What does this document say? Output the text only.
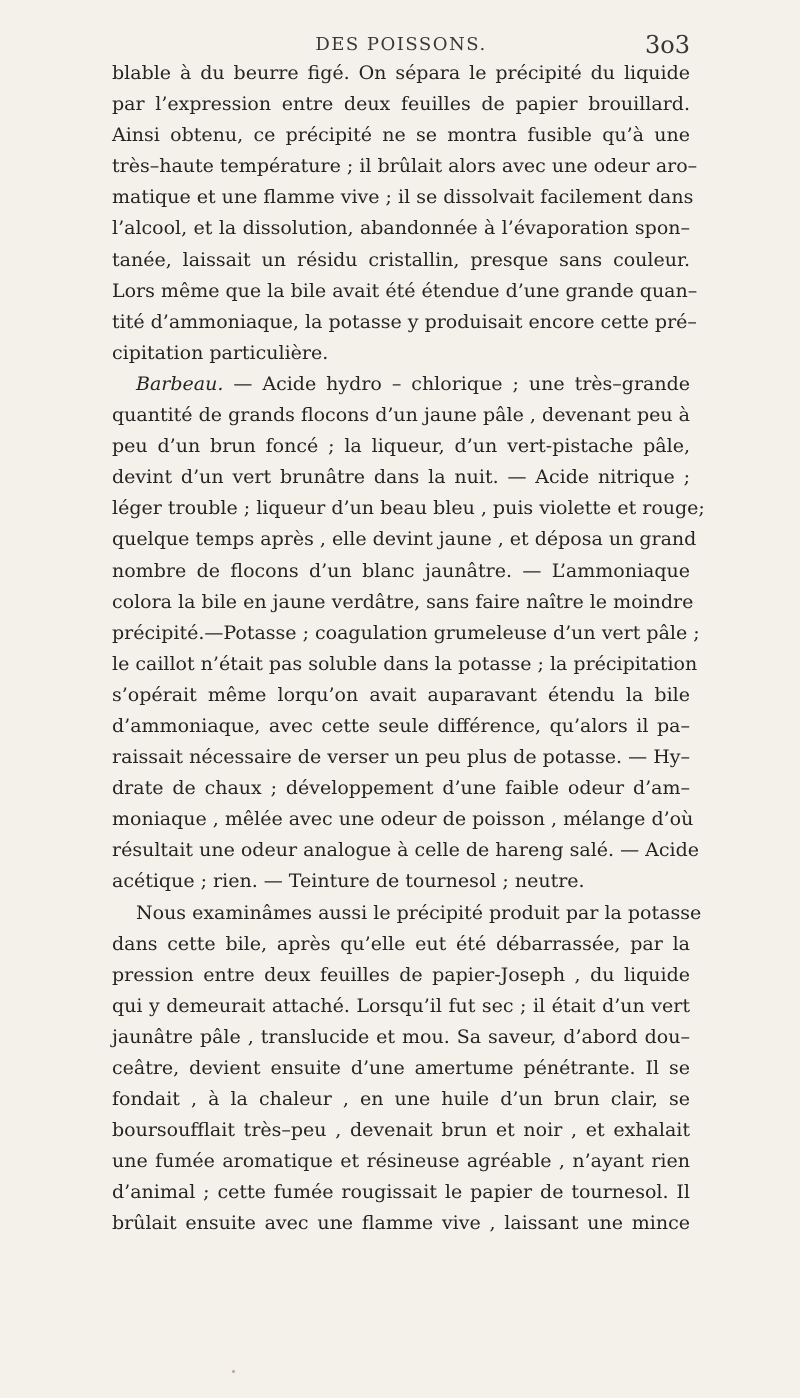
DES POISSONS.	3o3
blable à du beurre figé. On sépara le précipité du liquide
par l’expression entre deux feuilles de papier brouillard.
Ainsi obtenu, ce précipité ne se montra fusible qu’à une
très–haute température ; il brûlait alors avec une odeur aro–
matique et une flamme vive ; il se dissolvait facilement dans
l’alcool, et la dissolution, abandonnée à l’évaporation spon–
tanée, laissait un résidu cristallin, presque sans couleur.
Lors même que la bile avait été étendue d’une grande quan–
tité d’ammoniaque, la potasse y produisait encore cette pré–
cipitation particulière.
Barbeau. — Acide hydro – chlorique ; une très–grande
quantité de grands flocons d’un jaune pâle , devenant peu à
peu d’un brun foncé ; la liqueur, d’un vert-pistache pâle,
devint d’un vert brunâtre dans la nuit. — Acide nitrique ;
léger trouble ; liqueur d’un beau bleu , puis violette et rouge;
quelque temps après , elle devint jaune , et déposa un grand
nombre de flocons d’un blanc jaunâtre. — L’ammoniaque
colora la bile en jaune verdâtre, sans faire naître le moindre
précipité.—Potasse ; coagulation grumeleuse d’un vert pâle ;
le caillot n’était pas soluble dans la potasse ; la précipitation
s’opérait même lorqu’on avait auparavant étendu la bile
d’ammoniaque, avec cette seule différence, qu’alors il pa–
raissait nécessaire de verser un peu plus de potasse. — Hy–
drate de chaux ; développement d’une faible odeur d’am–
moniaque , mêlée avec une odeur de poisson , mélange d’où
résultait une odeur analogue à celle de hareng salé. — Acide
acétique ; rien. — Teinture de tournesol ; neutre.
Nous examinâmes aussi le précipité produit par la potasse
dans cette bile, après qu’elle eut été débarrassée, par la
pression entre deux feuilles de papier-Joseph , du liquide
qui y demeurait attaché. Lorsqu’il fut sec ; il était d’un vert
jaunâtre pâle , translucide et mou. Sa saveur, d’abord dou–
ceâtre, devient ensuite d’une amertume pénétrante. Il se
fondait , à la chaleur , en une huile d’un brun clair, se
boursoufflait très–peu , devenait brun et noir , et exhalait
une fumée aromatique et résineuse agréable , n’ayant rien
d’animal ; cette fumée rougissait le papier de tournesol. Il
brûlait ensuite avec une flamme vive , laissant une mince
